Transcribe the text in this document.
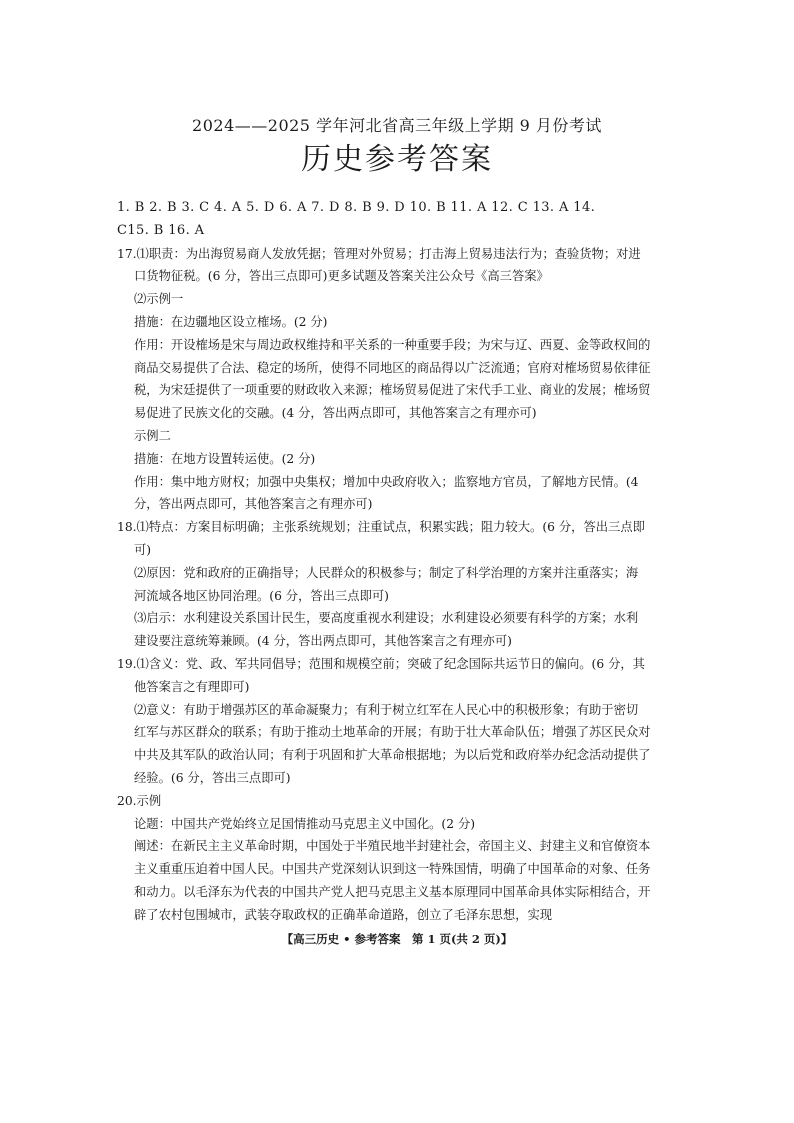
2024——2025 学年河北省高三年级上学期 9 月份考试
历史参考答案
1. B 2. B 3. C 4. A 5. D 6. A 7. D 8. B 9. D 10. B 11. A 12. C 13. A 14.
C15. B 16. A
17.⑴职责：为出海贸易商人发放凭据；管理对外贸易；打击海上贸易违法行为；查验货物；对进
口货物征税。(6 分，答出三点即可)更多试题及答案关注公众号《高三答案》
⑵示例一
措施：在边疆地区设立榷场。(2 分)
作用：开设榷场是宋与周边政权维持和平关系的一种重要手段；为宋与辽、西夏、金等政权间的
商品交易提供了合法、稳定的场所，使得不同地区的商品得以广泛流通；官府对榷场贸易依律征
税，为宋廷提供了一项重要的财政收入来源；榷场贸易促进了宋代手工业、商业的发展；榷场贸
易促进了民族文化的交融。(4 分，答出两点即可，其他答案言之有理亦可)
示例二
措施：在地方设置转运使。(2 分)
作用：集中地方财权；加强中央集权；增加中央政府收入；监察地方官员，了解地方民情。(4
分，答出两点即可，其他答案言之有理亦可)
18.⑴特点：方案目标明确；主张系统规划；注重试点，积累实践；阻力较大。(6 分，答出三点即
可)
⑵原因：党和政府的正确指导；人民群众的积极参与；制定了科学治理的方案并注重落实；海
河流域各地区协同治理。(6 分，答出三点即可)
⑶启示：水利建设关系国计民生，要高度重视水利建设；水利建设必须要有科学的方案；水利
建设要注意统筹兼顾。(4 分，答出两点即可，其他答案言之有理亦可)
19.⑴含义：党、政、军共同倡导；范围和规模空前；突破了纪念国际共运节日的偏向。(6 分，其
他答案言之有理即可)
⑵意义：有助于增强苏区的革命凝聚力；有利于树立红军在人民心中的积极形象；有助于密切
红军与苏区群众的联系；有助于推动土地革命的开展；有助于壮大革命队伍；增强了苏区民众对
中共及其军队的政治认同；有利于巩固和扩大革命根据地；为以后党和政府举办纪念活动提供了
经验。(6 分，答出三点即可)
20.示例
论题：中国共产党始终立足国情推动马克思主义中国化。(2 分)
阐述：在新民主主义革命时期，中国处于半殖民地半封建社会，帝国主义、封建主义和官僚资本
主义重重压迫着中国人民。中国共产党深刻认识到这一特殊国情，明确了中国革命的对象、任务
和动力。以毛泽东为代表的中国共产党人把马克思主义基本原理同中国革命具体实际相结合，开
辟了农村包围城市，武装夺取政权的正确革命道路，创立了毛泽东思想，实现
【高三历史 • 参考答案　第 1 页(共 2 页)】
